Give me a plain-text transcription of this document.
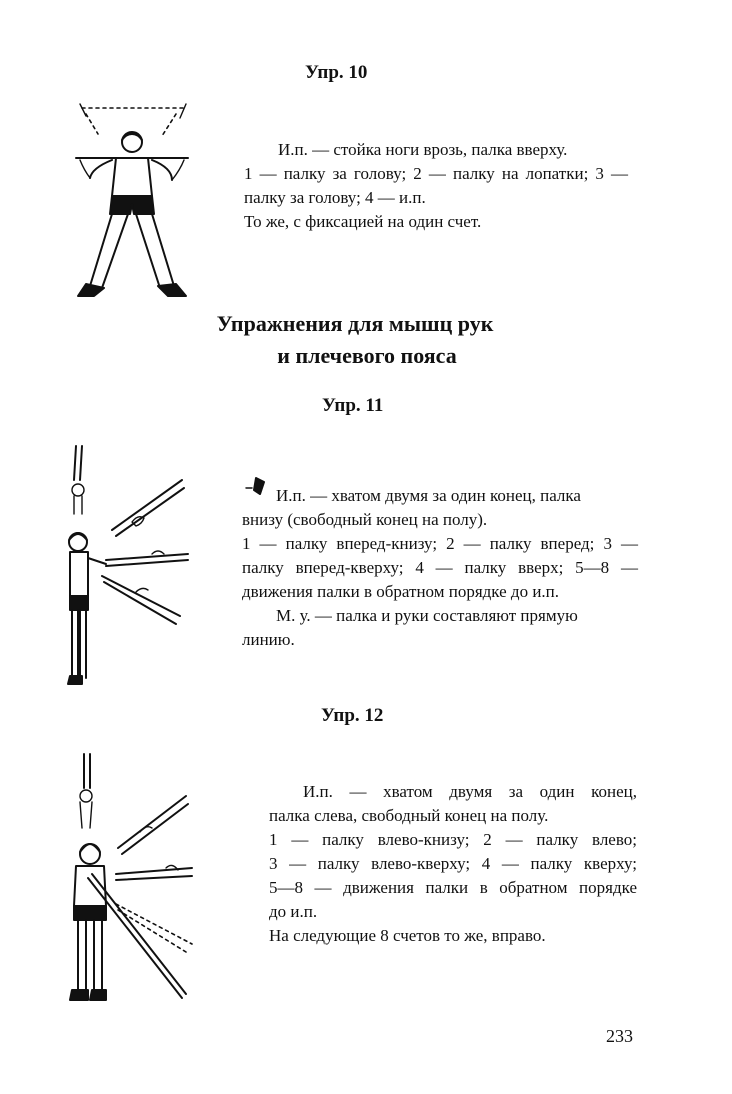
Упр. 10
И.п. — стойка ноги врозь, палка вверху.
1 — палку за голову; 2 — палку на лопатки; 3 —
палку за голову; 4 — и.п.
То же, с фиксацией на один счет.
Упражнения для мышц рук
и плечевого пояса
Упр. 11
И.п. — хватом двумя за один конец, палка
внизу (свободный конец на полу).
1 — палку вперед-книзу; 2 — палку вперед; 3 —
палку вперед-кверху; 4 — палку вверх; 5—8 —
движения палки в обратном порядке до и.п.
М. у. — палка и руки составляют прямую
линию.
Упр. 12
И.п. — хватом двумя за один конец,
палка слева, свободный конец на полу.
1 — палку влево-книзу; 2 — палку влево;
3 — палку влево-кверху; 4 — палку кверху;
5—8 — движения палки в обратном порядке
до и.п.
На следующие 8 счетов то же, вправо.
233
